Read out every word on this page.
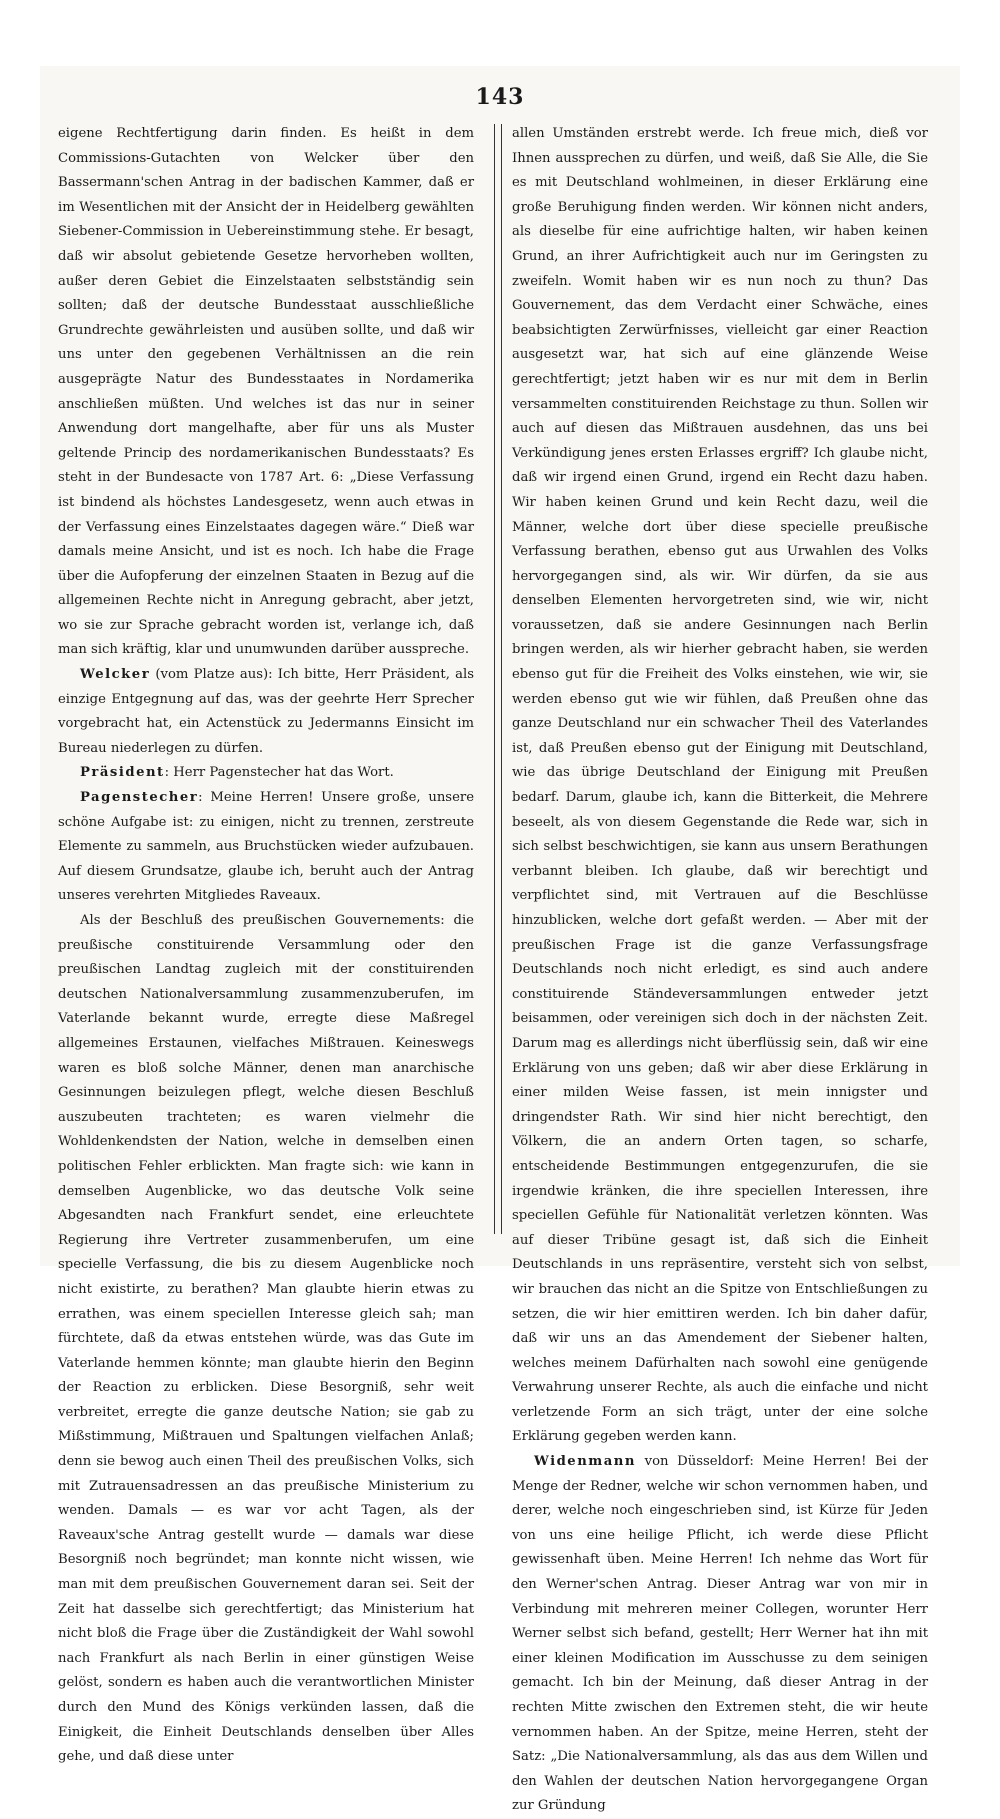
143

eigene Rechtfertigung darin finden. Es heißt in dem Commissions-Gutachten von Welcker über den Bassermann'schen Antrag in der badischen Kammer, daß er im Wesentlichen mit der Ansicht der in Heidelberg gewählten Siebener-Commission in Uebereinstimmung stehe. Er besagt, daß wir absolut gebietende Gesetze hervorheben wollten, außer deren Gebiet die Einzelstaaten selbstständig sein sollten; daß der deutsche Bundesstaat ausschließliche Grundrechte gewährleisten und ausüben sollte, und daß wir uns unter den gegebenen Verhältnissen an die rein ausgeprägte Natur des Bundesstaates in Nordamerika anschließen müßten. Und welches ist das nur in seiner Anwendung dort mangelhafte, aber für uns als Muster geltende Princip des nordamerikanischen Bundesstaats? Es steht in der Bundesacte von 1787 Art. 6: „Diese Verfassung ist bindend als höchstes Landesgesetz, wenn auch etwas in der Verfassung eines Einzelstaates dagegen wäre.“ Dieß war damals meine Ansicht, und ist es noch. Ich habe die Frage über die Aufopferung der einzelnen Staaten in Bezug auf die allgemeinen Rechte nicht in Anregung gebracht, aber jetzt, wo sie zur Sprache gebracht worden ist, verlange ich, daß man sich kräftig, klar und unumwunden darüber ausspreche.

Welcker (vom Platze aus): Ich bitte, Herr Präsident, als einzige Entgegnung auf das, was der geehrte Herr Sprecher vorgebracht hat, ein Actenstück zu Jedermanns Einsicht im Bureau niederlegen zu dürfen.

Präsident: Herr Pagenstecher hat das Wort.

Pagenstecher: Meine Herren! Unsere große, unsere schöne Aufgabe ist: zu einigen, nicht zu trennen, zerstreute Elemente zu sammeln, aus Bruchstücken wieder aufzubauen. Auf diesem Grundsatze, glaube ich, beruht auch der Antrag unseres verehrten Mitgliedes Raveaux.

Als der Beschluß des preußischen Gouvernements: die preußische constituirende Versammlung oder den preußischen Landtag zugleich mit der constituirenden deutschen Nationalversammlung zusammenzuberufen, im Vaterlande bekannt wurde, erregte diese Maßregel allgemeines Erstaunen, vielfaches Mißtrauen. Keineswegs waren es bloß solche Männer, denen man anarchische Gesinnungen beizulegen pflegt, welche diesen Beschluß auszubeuten trachteten; es waren vielmehr die Wohldenkendsten der Nation, welche in demselben einen politischen Fehler erblickten. Man fragte sich: wie kann in demselben Augenblicke, wo das deutsche Volk seine Abgesandten nach Frankfurt sendet, eine erleuchtete Regierung ihre Vertreter zusammenberufen, um eine specielle Verfassung, die bis zu diesem Augenblicke noch nicht existirte, zu berathen? Man glaubte hierin etwas zu errathen, was einem speciellen Interesse gleich sah; man fürchtete, daß da etwas entstehen würde, was das Gute im Vaterlande hemmen könnte; man glaubte hierin den Beginn der Reaction zu erblicken. Diese Besorgniß, sehr weit verbreitet, erregte die ganze deutsche Nation; sie gab zu Mißstimmung, Mißtrauen und Spaltungen vielfachen Anlaß; denn sie bewog auch einen Theil des preußischen Volks, sich mit Zutrauensadressen an das preußische Ministerium zu wenden. Damals — es war vor acht Tagen, als der Raveaux'sche Antrag gestellt wurde — damals war diese Besorgniß noch begründet; man konnte nicht wissen, wie man mit dem preußischen Gouvernement daran sei. Seit der Zeit hat dasselbe sich gerechtfertigt; das Ministerium hat nicht bloß die Frage über die Zuständigkeit der Wahl sowohl nach Frankfurt als nach Berlin in einer günstigen Weise gelöst, sondern es haben auch die verantwortlichen Minister durch den Mund des Königs verkünden lassen, daß die Einigkeit, die Einheit Deutschlands denselben über Alles gehe, und daß diese unter

allen Umständen erstrebt werde. Ich freue mich, dieß vor Ihnen aussprechen zu dürfen, und weiß, daß Sie Alle, die Sie es mit Deutschland wohlmeinen, in dieser Erklärung eine große Beruhigung finden werden. Wir können nicht anders, als dieselbe für eine aufrichtige halten, wir haben keinen Grund, an ihrer Aufrichtigkeit auch nur im Geringsten zu zweifeln. Womit haben wir es nun noch zu thun? Das Gouvernement, das dem Verdacht einer Schwäche, eines beabsichtigten Zerwürfnisses, vielleicht gar einer Reaction ausgesetzt war, hat sich auf eine glänzende Weise gerechtfertigt; jetzt haben wir es nur mit dem in Berlin versammelten constituirenden Reichstage zu thun. Sollen wir auch auf diesen das Mißtrauen ausdehnen, das uns bei Verkündigung jenes ersten Erlasses ergriff? Ich glaube nicht, daß wir irgend einen Grund, irgend ein Recht dazu haben. Wir haben keinen Grund und kein Recht dazu, weil die Männer, welche dort über diese specielle preußische Verfassung berathen, ebenso gut aus Urwahlen des Volks hervorgegangen sind, als wir. Wir dürfen, da sie aus denselben Elementen hervorgetreten sind, wie wir, nicht voraussetzen, daß sie andere Gesinnungen nach Berlin bringen werden, als wir hierher gebracht haben, sie werden ebenso gut für die Freiheit des Volks einstehen, wie wir, sie werden ebenso gut wie wir fühlen, daß Preußen ohne das ganze Deutschland nur ein schwacher Theil des Vaterlandes ist, daß Preußen ebenso gut der Einigung mit Deutschland, wie das übrige Deutschland der Einigung mit Preußen bedarf. Darum, glaube ich, kann die Bitterkeit, die Mehrere beseelt, als von diesem Gegenstande die Rede war, sich in sich selbst beschwichtigen, sie kann aus unsern Berathungen verbannt bleiben. Ich glaube, daß wir berechtigt und verpflichtet sind, mit Vertrauen auf die Beschlüsse hinzublicken, welche dort gefaßt werden. — Aber mit der preußischen Frage ist die ganze Verfassungsfrage Deutschlands noch nicht erledigt, es sind auch andere constituirende Ständeversammlungen entweder jetzt beisammen, oder vereinigen sich doch in der nächsten Zeit. Darum mag es allerdings nicht überflüssig sein, daß wir eine Erklärung von uns geben; daß wir aber diese Erklärung in einer milden Weise fassen, ist mein innigster und dringendster Rath. Wir sind hier nicht berechtigt, den Völkern, die an andern Orten tagen, so scharfe, entscheidende Bestimmungen entgegenzurufen, die sie irgendwie kränken, die ihre speciellen Interessen, ihre speciellen Gefühle für Nationalität verletzen könnten. Was auf dieser Tribüne gesagt ist, daß sich die Einheit Deutschlands in uns repräsentire, versteht sich von selbst, wir brauchen das nicht an die Spitze von Entschließungen zu setzen, die wir hier emittiren werden. Ich bin daher dafür, daß wir uns an das Amendement der Siebener halten, welches meinem Dafürhalten nach sowohl eine genügende Verwahrung unserer Rechte, als auch die einfache und nicht verletzende Form an sich trägt, unter der eine solche Erklärung gegeben werden kann.

Widenmann von Düsseldorf: Meine Herren! Bei der Menge der Redner, welche wir schon vernommen haben, und derer, welche noch eingeschrieben sind, ist Kürze für Jeden von uns eine heilige Pflicht, ich werde diese Pflicht gewissenhaft üben. Meine Herren! Ich nehme das Wort für den Werner'schen Antrag. Dieser Antrag war von mir in Verbindung mit mehreren meiner Collegen, worunter Herr Werner selbst sich befand, gestellt; Herr Werner hat ihn mit einer kleinen Modification im Ausschusse zu dem seinigen gemacht. Ich bin der Meinung, daß dieser Antrag in der rechten Mitte zwischen den Extremen steht, die wir heute vernommen haben. An der Spitze, meine Herren, steht der Satz: „Die Nationalversammlung, als das aus dem Willen und den Wahlen der deutschen Nation hervorgegangene Organ zur Gründung
